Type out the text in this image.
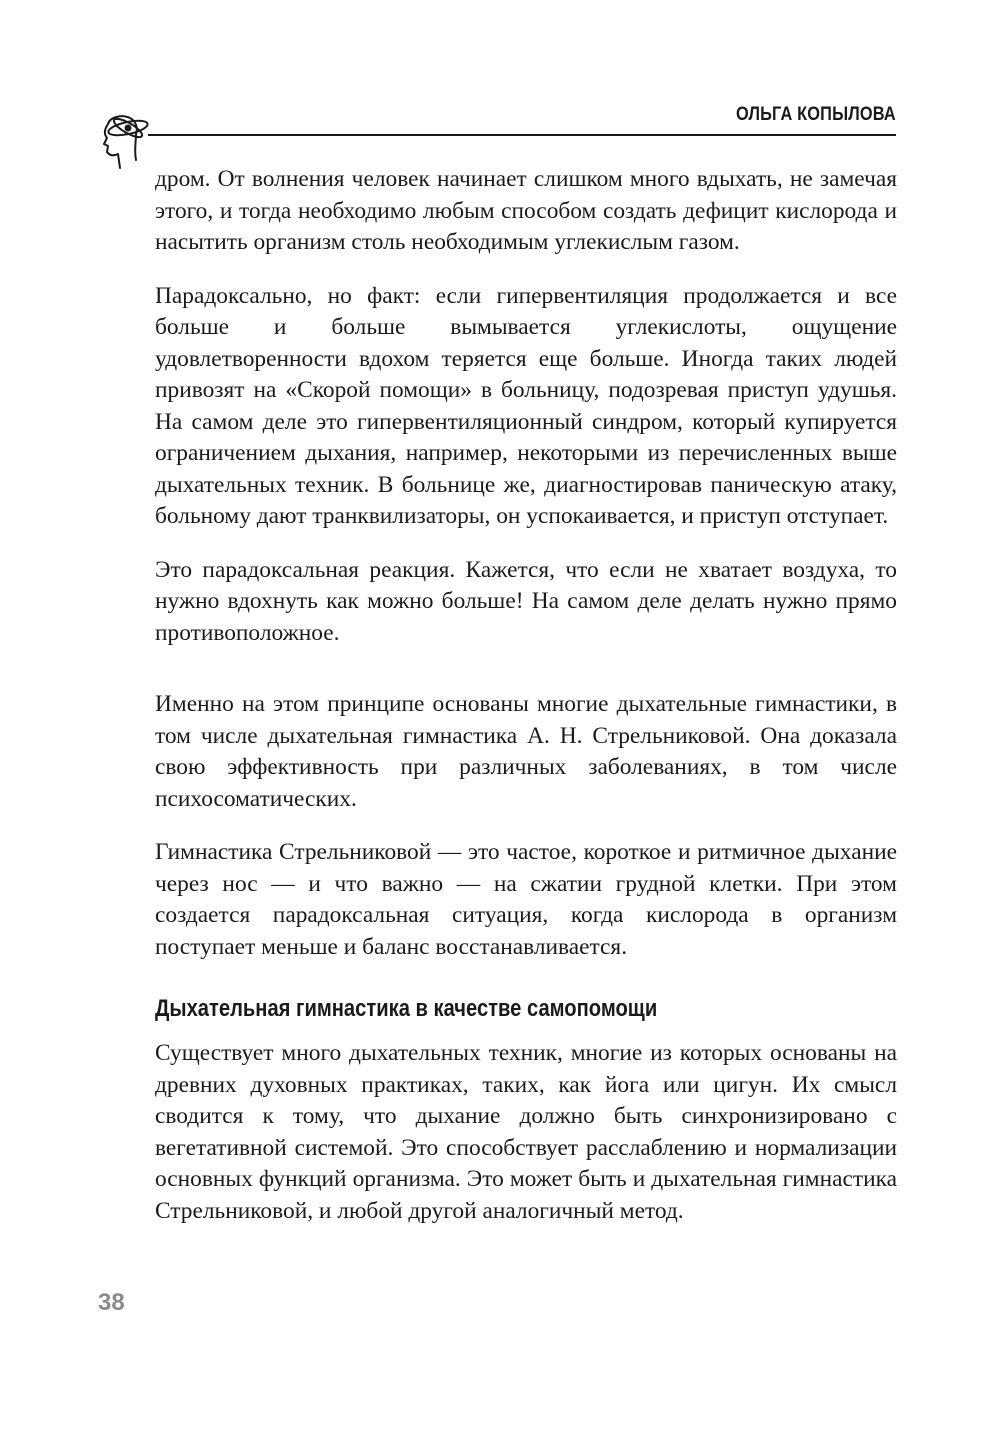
ОЛЬГА КОПЫЛОВА

дром. От волнения человек начинает слишком много вдыхать, не замечая этого, и тогда необходимо любым способом создать дефицит кислорода и насытить организм столь необходимым углекислым газом.

Парадоксально, но факт: если гипервентиляция продолжается и все больше и больше вымывается углекислоты, ощущение удовлетворенности вдохом теряется еще больше. Иногда таких людей привозят на «Скорой помощи» в больницу, подозревая приступ удушья. На самом деле это гипервентиляционный синдром, который купируется ограничением дыхания, например, некоторыми из перечисленных выше дыхательных техник. В больнице же, диагностировав паническую атаку, больному дают транквилизаторы, он успокаивается, и приступ отступает.

Это парадоксальная реакция. Кажется, что если не хватает воздуха, то нужно вдохнуть как можно больше! На самом деле делать нужно прямо противоположное.

Именно на этом принципе основаны многие дыхательные гимнастики, в том числе дыхательная гимнастика А. Н. Стрельниковой. Она доказала свою эффективность при различных заболеваниях, в том числе психосоматических.

Гимнастика Стрельниковой — это частое, короткое и ритмичное дыхание через нос — и что важно — на сжатии грудной клетки. При этом создается парадоксальная ситуация, когда кислорода в организм поступает меньше и баланс восстанавливается.

Дыхательная гимнастика в качестве самопомощи

Существует много дыхательных техник, многие из которых основаны на древних духовных практиках, таких, как йога или цигун. Их смысл сводится к тому, что дыхание должно быть синхронизировано с вегетативной системой. Это способствует расслаблению и нормализации основных функций организма. Это может быть и дыхательная гимнастика Стрельниковой, и любой другой аналогичный метод.

38
